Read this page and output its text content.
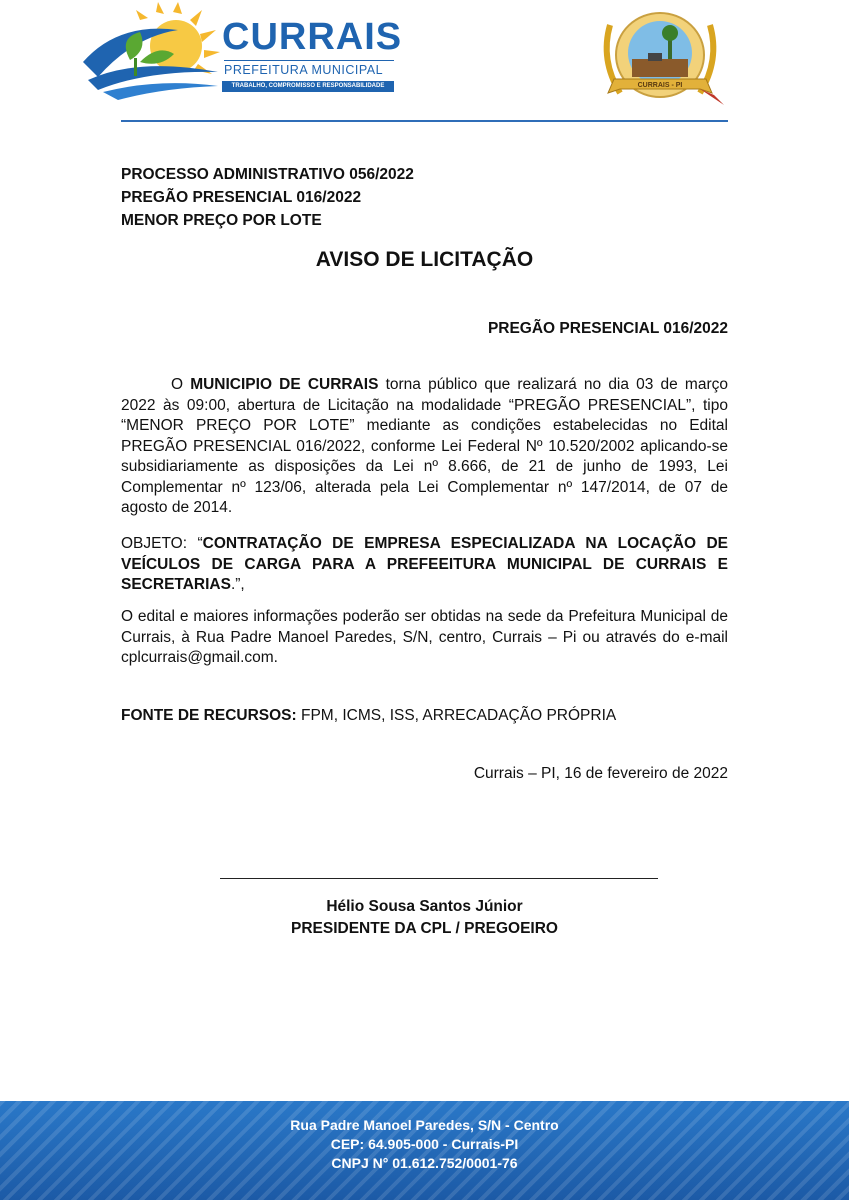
CURRAIS
PREFEITURA MUNICIPAL
TRABALHO, COMPROMISSO E RESPONSABILIDADE	CURRAIS - PI
PROCESSO ADMINISTRATIVO 056/2022
PREGÃO PRESENCIAL 016/2022
MENOR PREÇO POR LOTE
AVISO DE LICITAÇÃO
PREGÃO PRESENCIAL 016/2022
O MUNICIPIO DE CURRAIS torna público que realizará no dia 03 de março 2022 às 09:00, abertura de Licitação na modalidade “PREGÃO PRESENCIAL”, tipo “MENOR PREÇO POR LOTE” mediante as condições estabelecidas no Edital PREGÃO PRESENCIAL 016/2022, conforme Lei Federal Nº 10.520/2002 aplicando-se subsidiariamente as disposições da Lei nº 8.666, de 21 de junho de 1993, Lei Complementar nº 123/06, alterada pela Lei Complementar nº 147/2014, de 07 de agosto de 2014.
OBJETO: “CONTRATAÇÃO DE EMPRESA ESPECIALIZADA NA LOCAÇÃO DE VEÍCULOS DE CARGA PARA A PREFEEITURA MUNICIPAL DE CURRAIS E SECRETARIAS.”,
O edital e maiores informações poderão ser obtidas na sede da Prefeitura Municipal de Currais, à Rua Padre Manoel Paredes, S/N, centro, Currais – Pi ou através do e-mail cplcurrais@gmail.com.
FONTE DE RECURSOS: FPM, ICMS, ISS, ARRECADAÇÃO PRÓPRIA
Currais – PI, 16 de fevereiro de 2022
Hélio Sousa Santos Júnior
PRESIDENTE DA CPL / PREGOEIRO
Rua Padre Manoel Paredes, S/N - Centro
CEP: 64.905-000 - Currais-PI
CNPJ N° 01.612.752/0001-76
